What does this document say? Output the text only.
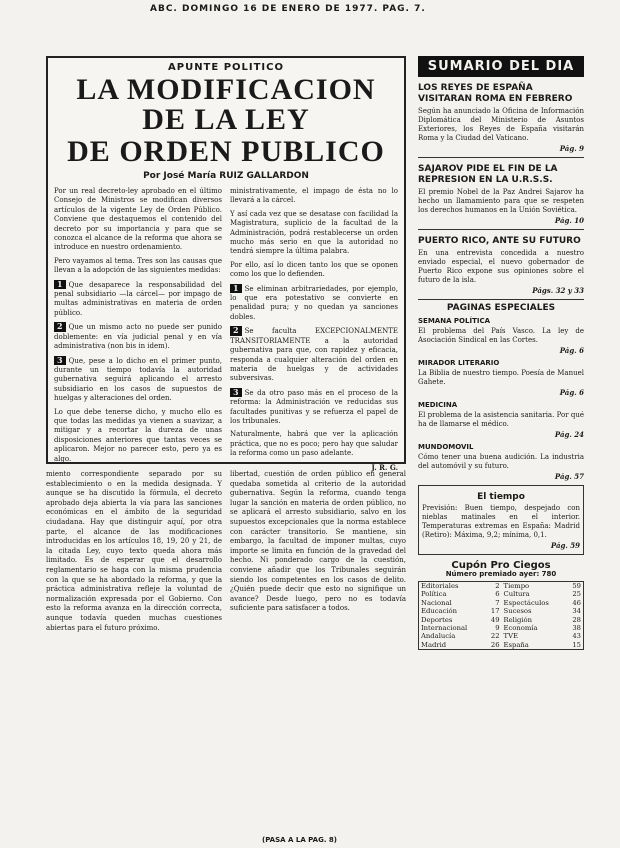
ABC. DOMINGO 16 DE ENERO DE 1977. PAG. 7.
APUNTE POLITICO
LA MODIFICACION DE LA LEY
DE ORDEN PUBLICO
Por José María RUIZ GALLARDON

Por un real decreto-ley aprobado en el último Consejo de Ministros se modifican diversos artículos de la vigente Ley de Orden Público. Conviene que destaquemos el contenido del decreto por su importancia y para que se conozca el alcance de la reforma que ahora se introduce en nuestro ordenamiento.

Pero vayamos al tema. Tres son las causas que llevan a la adopción de las siguientes medidas:

1 Que desaparece la responsabilidad del penal subsidiario —la cárcel— por impago de multas administrativas en materia de orden público.

2 Que un mismo acto no puede ser punido doblemente: en vía judicial penal y en vía administrativa (non bis in idem).

3 Que, pese a lo dicho en el primer punto, durante un tiempo todavía la autoridad gubernativa seguirá aplicando el arresto subsidiario en los casos de supuestos de huelgas y alteraciones del orden.

Lo que debe tenerse dicho, y mucho ello es que todas las medidas ya vienen a suavizar, a mitigar y a recortar la dureza de unas disposiciones anteriores que tantas veces se aplicaron. Mejor no parecer esto, pero ya es algo.

ministrativamente, el impago de ésta no lo llevará a la cárcel.

Y así cada vez que se desatase con facilidad la Magistratura, suplicio de la facultad de la Administración, podrá restablecerse un orden mucho más serio en que la autoridad no tendrá siempre la última palabra.

Por ello, así lo dicen tanto los que se oponen como los que lo defienden.

1 Se eliminan arbitrariedades, por ejemplo, lo que era potestativo se convierte en penalidad pura; y no quedan ya sanciones dobles.

2 Se faculta EXCEPCIONALMENTE TRANSITORIAMENTE a la autoridad gubernativa para que, con rapidez y eficacia, responda a cualquier alteración del orden en materia de huelgas y de actividades subversivas.

3 Se da otro paso más en el proceso de la reforma: la Administración ve reducidas sus facultades punitivas y se refuerza el papel de los tribunales.

Naturalmente, habrá que ver la aplicación práctica, que no es poco; pero hay que saludar la reforma como un paso adelante.

J. R. G.

miento correspondiente separado por su establecimiento o en la medida designada. Y aunque se ha discutido la fórmula, el decreto aprobado deja abierta la vía para las sanciones económicas en el ámbito de la seguridad ciudadana. Hay que distinguir aquí, por otra parte, el alcance de las modificaciones introducidas en los artículos 18, 19, 20 y 21, de la citada Ley, cuyo texto queda ahora más limitado. Es de esperar que el desarrollo reglamentario se haga con la misma prudencia con la que se ha abordado la reforma, y que la práctica administrativa refleje la voluntad de normalización expresada por el Gobierno. Con esto la reforma avanza en la dirección correcta, aunque todavía queden muchas cuestiones abiertas para el futuro próximo.

libertad, cuestión de orden público en general quedaba sometida al criterio de la autoridad gubernativa. Según la reforma, cuando tenga lugar la sanción en materia de orden público, no se aplicará el arresto subsidiario, salvo en los supuestos excepcionales que la norma establece con carácter transitorio. Se mantiene, sin embargo, la facultad de imponer multas, cuyo importe se limita en función de la gravedad del hecho. Ni ponderado cargo de la cuestión, conviene añadir que los Tribunales seguirán siendo los competentes en los casos de delito. ¿Quién puede decir que esto no signifique un avance? Desde luego, pero no es todavía suficiente para satisfacer a todos.

(PASA A LA PAG. 8)
SUMARIO DEL DIA
LOS REYES DE ESPAÑA VISITARAN ROMA EN FEBRERO

Según ha anunciado la Oficina de Información Diplomática del Ministerio de Asuntos Exteriores, los Reyes de España visitarán Roma y la Ciudad del Vaticano.

Pág. 9
SAJAROV PIDE EL FIN DE LA REPRESION EN LA U.R.S.S.

El premio Nobel de la Paz Andrei Sajarov ha hecho un llamamiento para que se respeten los derechos humanos en la Unión Soviética.

Pág. 10
PUERTO RICO, ANTE SU FUTURO

En una entrevista concedida a nuestro enviado especial, el nuevo gobernador de Puerto Rico expone sus opiniones sobre el futuro de la isla.

Págs. 32 y 33
PAGINAS ESPECIALES
SEMANA POLÍTICA

El problema del País Vasco. La ley de Asociación Sindical en las Cortes.

Pág. 6
MIRADOR LITERARIO

La Biblia de nuestro tiempo. Poesía de Manuel Gahete.

Pág. 6
MEDICINA

El problema de la asistencia sanitaria. Por qué ha de llamarse el médico.

Pág. 24
MUNDOMOVIL

Cómo tener una buena audición. La industria del automóvil y su futuro.

Pág. 57
El tiempo

Previsión: Buen tiempo, despejado con nieblas matinales en el interior. Temperaturas extremas en España: Madrid (Retiro): Máxima, 9,2; mínima, 0,1.

Pág. 59
Cupón Pro Ciegos
Número premiado ayer: 780
Editoriales	2	Tiempo	59
Política	6	Cultura	25
Nacional	7	Espectáculos	46
Educación	17	Sucesos	34
Deportes	49	Religión	28
Internacional	9	Economía	38
Andalucía	22	TVE	43
Madrid	26	España	15
